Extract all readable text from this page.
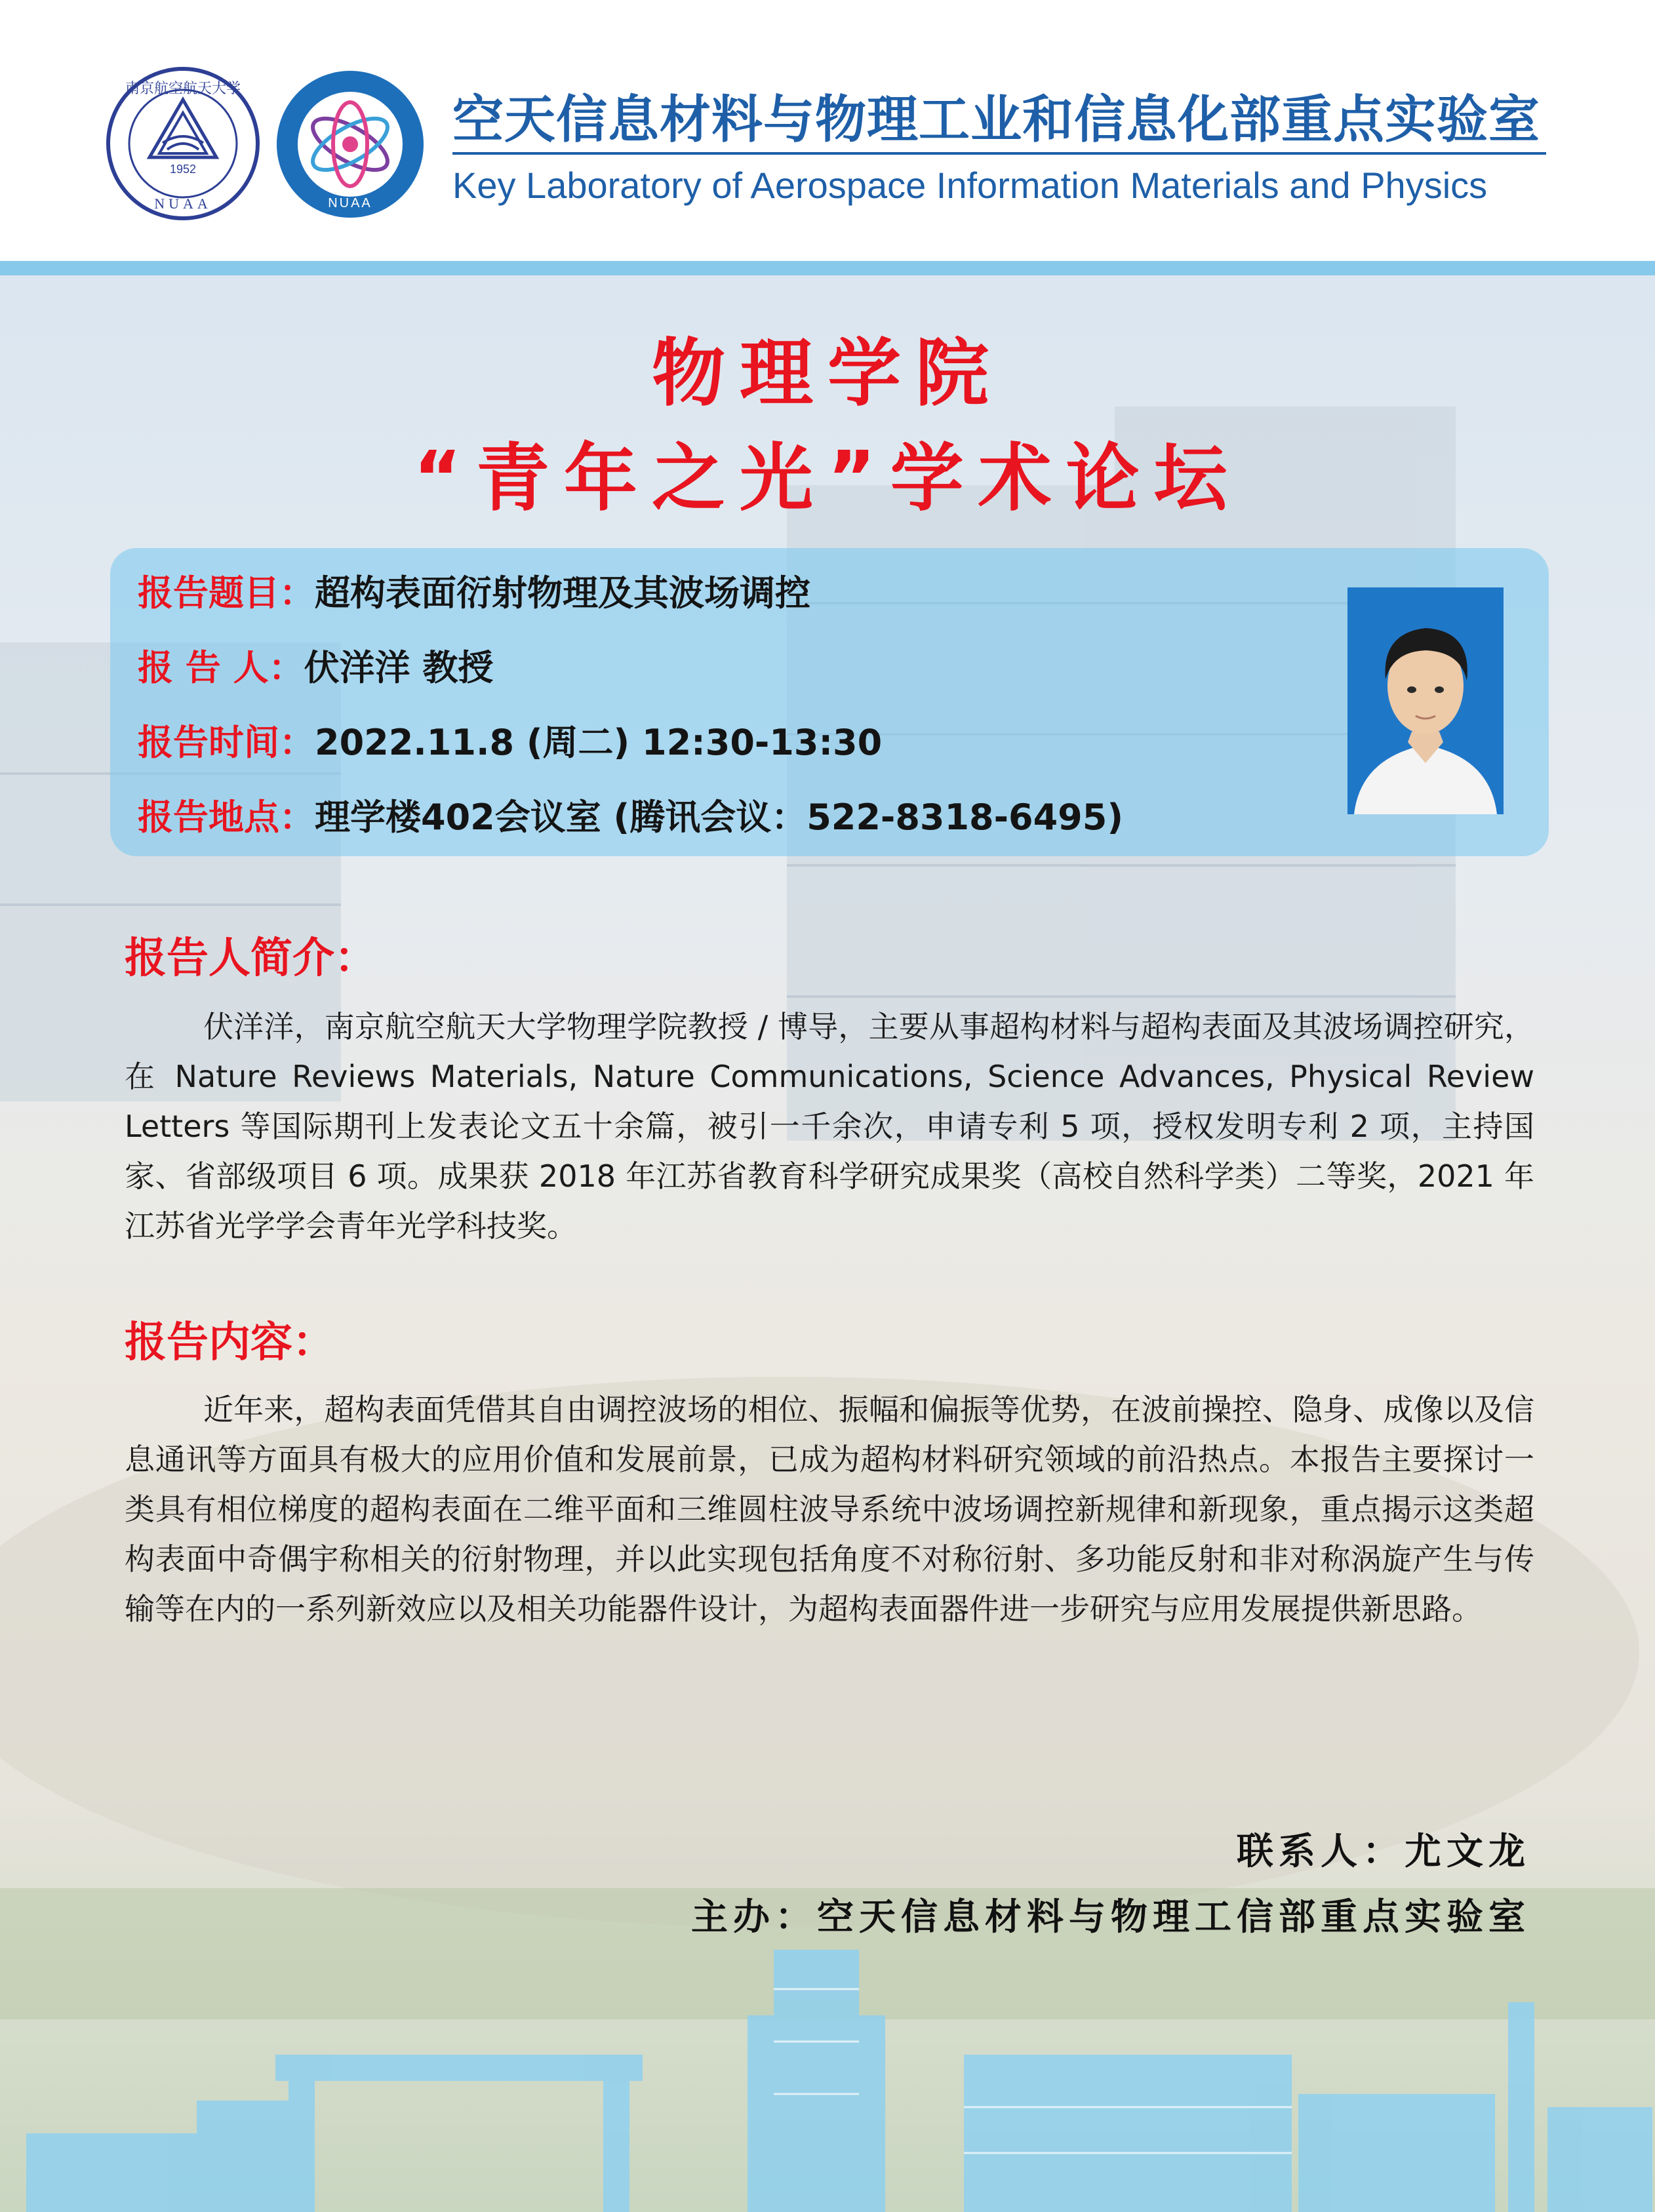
1952
NUAA
南京航空航天大学
NUAA
空天信息材料与物理工业和信息化部重点实验室
Key Laboratory of Aerospace Information Materials and Physics
物理学院
“青年之光”学术论坛
报告题目：超构表面衍射物理及其波场调控
报 告 人：伏洋洋 教授
报告时间：2022.11.8 (周二) 12:30-13:30
报告地点：理学楼402会议室 (腾讯会议：522-8318-6495)
报告人简介：
伏洋洋，南京航空航天大学物理学院教授 / 博导，主要从事超构材料与超构表面及其波场调控研究，在 Nature Reviews Materials, Nature Communications, Science Advances, Physical Review Letters 等国际期刊上发表论文五十余篇，被引一千余次，申请专利 5 项，授权发明专利 2 项，主持国家、省部级项目 6 项。成果获 2018 年江苏省教育科学研究成果奖（高校自然科学类）二等奖，2021 年江苏省光学学会青年光学科技奖。
报告内容：
近年来，超构表面凭借其自由调控波场的相位、振幅和偏振等优势，在波前操控、隐身、成像以及信息通讯等方面具有极大的应用价值和发展前景，已成为超构材料研究领域的前沿热点。本报告主要探讨一类具有相位梯度的超构表面在二维平面和三维圆柱波导系统中波场调控新规律和新现象，重点揭示这类超构表面中奇偶宇称相关的衍射物理，并以此实现包括角度不对称衍射、多功能反射和非对称涡旋产生与传输等在内的一系列新效应以及相关功能器件设计，为超构表面器件进一步研究与应用发展提供新思路。
联系人：尤文龙
主办：空天信息材料与物理工信部重点实验室
